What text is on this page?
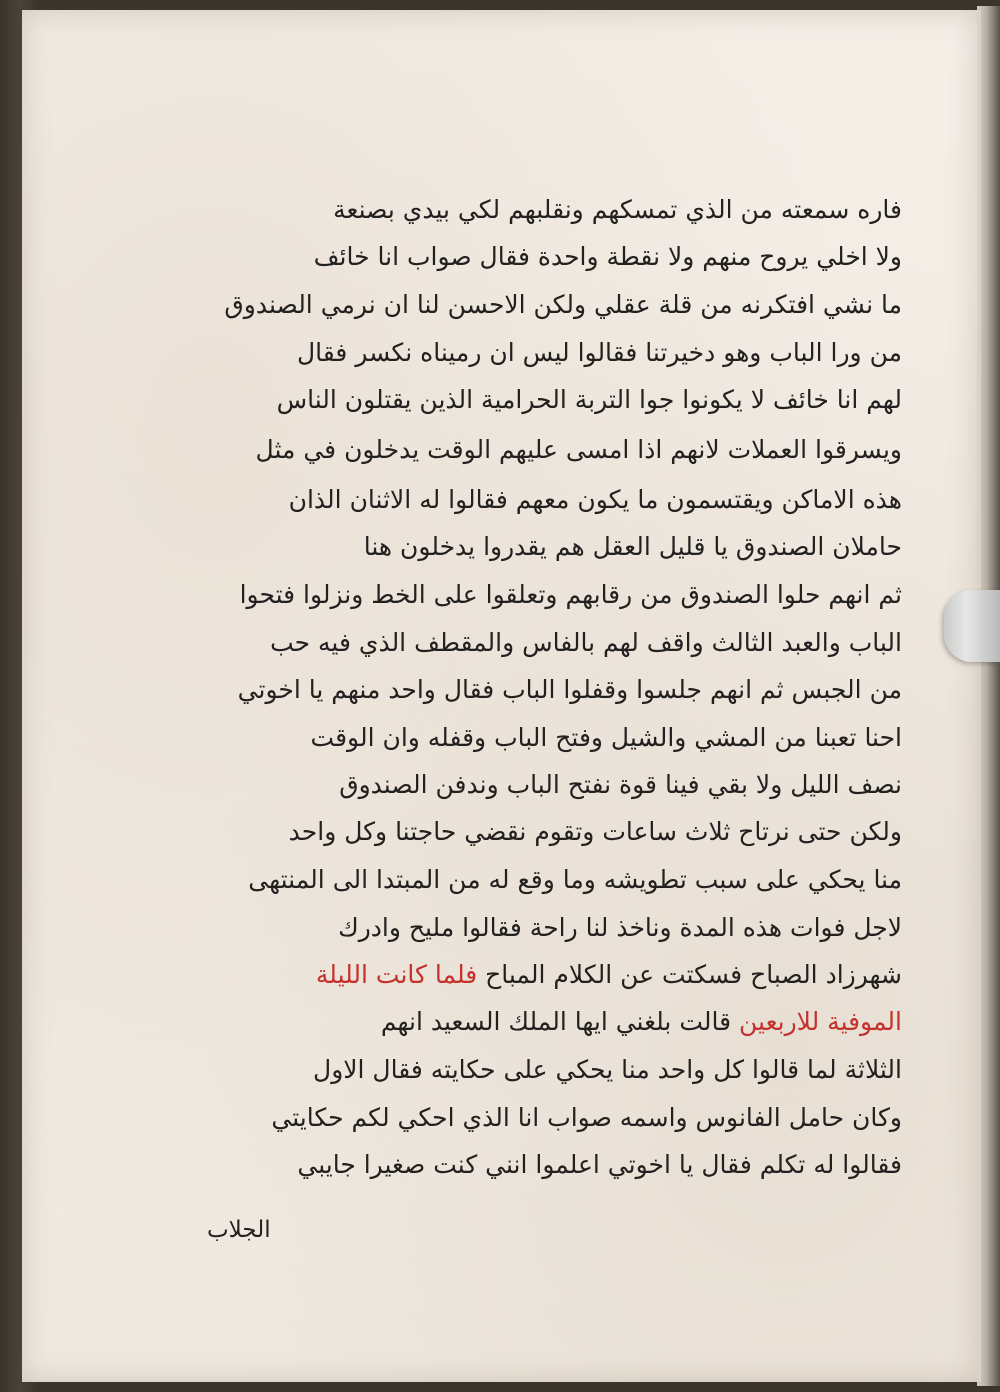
فاره سمعته من الذي تمسكهم ونقلبهم لكي بيدي بصنعة
ولا اخلي يروح منهم ولا نقطة واحدة فقال صواب انا خائف
ما نشي افتكرنه من قلة عقلي ولكن الاحسن لنا ان نرمي الصندوق
من ورا الباب وهو دخيرتنا فقالوا ليس ان رميناه نكسر فقال
لهم انا خائف لا يكونوا جوا التربة الحرامية الذين يقتلون الناس
ويسرقوا العملات لانهم اذا امسى عليهم الوقت يدخلون في مثل
هذه الاماكن ويقتسمون ما يكون معهم فقالوا له الاثنان الذان
حاملان الصندوق يا قليل العقل هم يقدروا يدخلون هنا
ثم انهم حلوا الصندوق من رقابهم وتعلقوا على الخط ونزلوا فتحوا
الباب والعبد الثالث واقف لهم بالفاس والمقطف الذي فيه حب
من الجبس ثم انهم جلسوا وقفلوا الباب فقال واحد منهم يا اخوتي
احنا تعبنا من المشي والشيل وفتح الباب وقفله وان الوقت
نصف الليل ولا بقي فينا قوة نفتح الباب وندفن الصندوق
ولكن حتى نرتاح ثلاث ساعات وتقوم نقضي حاجتنا وكل واحد
منا يحكي على سبب تطويشه وما وقع له من المبتدا الى المنتهى
لاجل فوات هذه المدة وناخذ لنا راحة فقالوا مليح وادرك
شهرزاد الصباح فسكتت عن الكلام المباح فلما كانت الليلة
الموفية للاربعين قالت بلغني ايها الملك السعيد انهم
الثلاثة لما قالوا كل واحد منا يحكي على حكايته فقال الاول
وكان حامل الفانوس واسمه صواب انا الذي احكي لكم حكايتي
فقالوا له تكلم فقال يا اخوتي اعلموا انني كنت صغيرا جايبي
الجلاب
